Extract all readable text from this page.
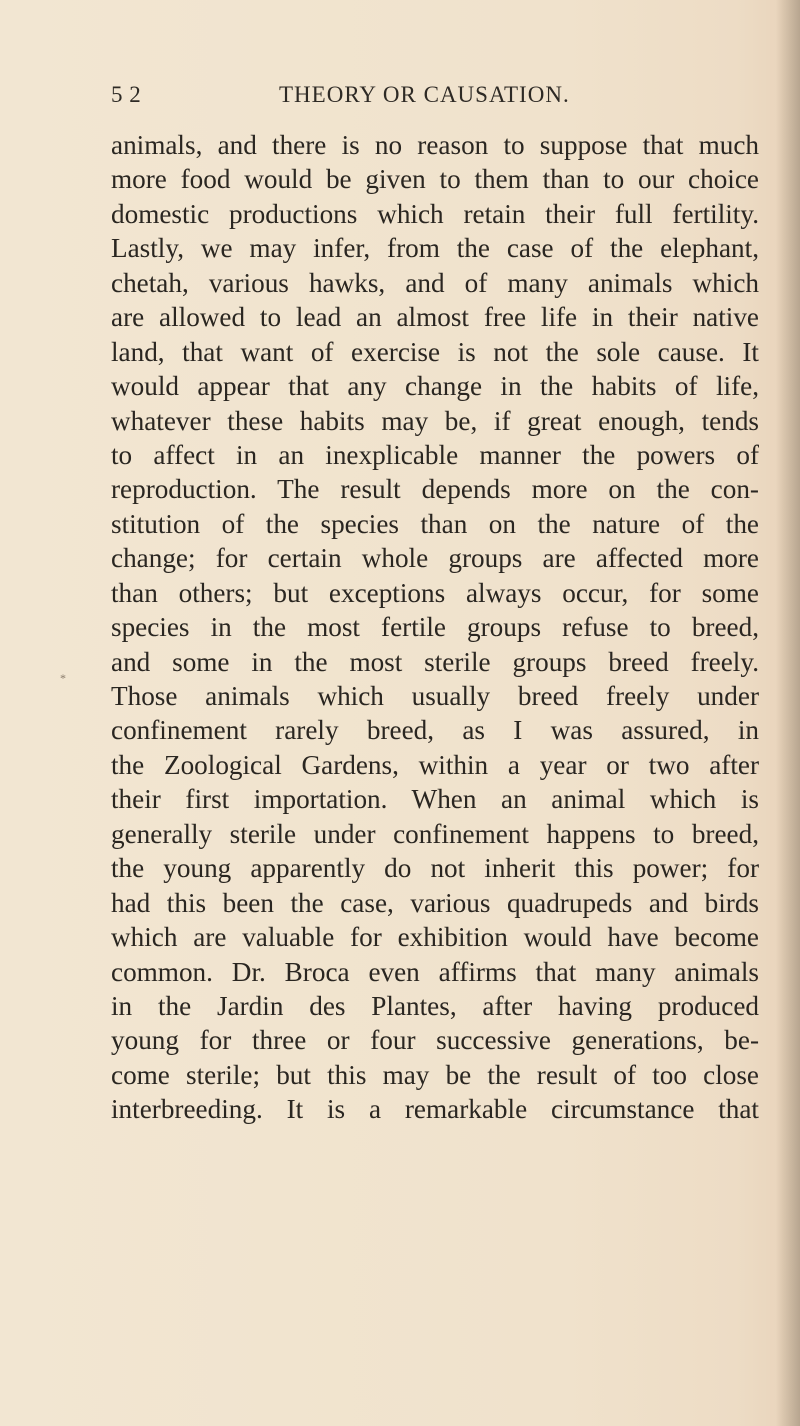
5 2	THEORY OR CAUSATION.
*
animals, and there is no reason to suppose that much
more food would be given to them than to our choice
domestic productions which retain their full fertility.
Lastly, we may infer, from the case of the elephant,
chetah, various hawks, and of many animals which
are allowed to lead an almost free life in their native
land, that want of exercise is not the sole cause. It
would appear that any change in the habits of life,
whatever these habits may be, if great enough, tends
to affect in an inexplicable manner the powers of
reproduction. The result depends more on the con-
stitution of the species than on the nature of the
change; for certain whole groups are affected more
than others; but exceptions always occur, for some
species in the most fertile groups refuse to breed,
and some in the most sterile groups breed freely.
Those animals which usually breed freely under
confinement rarely breed, as I was assured, in
the Zoological Gardens, within a year or two after
their first importation. When an animal which is
generally sterile under confinement happens to breed,
the young apparently do not inherit this power; for
had this been the case, various quadrupeds and birds
which are valuable for exhibition would have become
common. Dr. Broca even affirms that many animals
in the Jardin des Plantes, after having produced
young for three or four successive generations, be-
come sterile; but this may be the result of too close
interbreeding. It is a remarkable circumstance that
